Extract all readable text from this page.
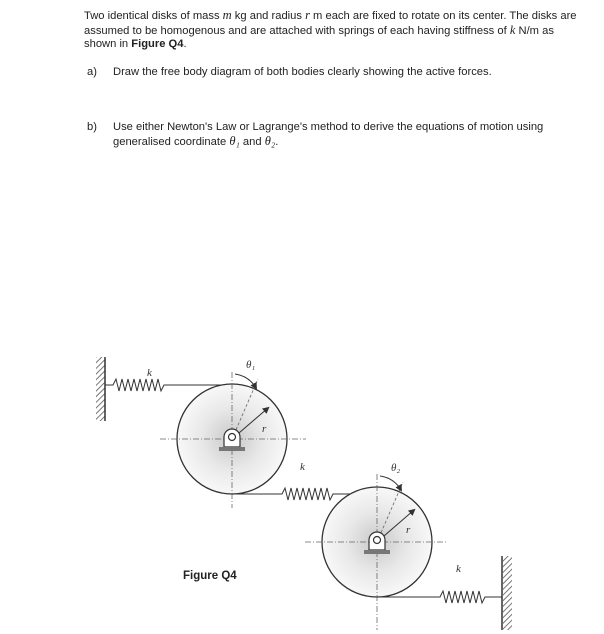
Two identical disks of mass m kg and radius r m each are fixed to rotate on its center. The disks are assumed to be homogenous and are attached with springs of each having stiffness of k N/m as shown in Figure Q4.
a) Draw the free body diagram of both bodies clearly showing the active forces.
b) Use either Newton's Law or Lagrange's method to derive the equations of motion using
generalised coordinate θ₁ and θ₂.
k
k
k
θ₁
θ₂
r
r
Figure Q4
